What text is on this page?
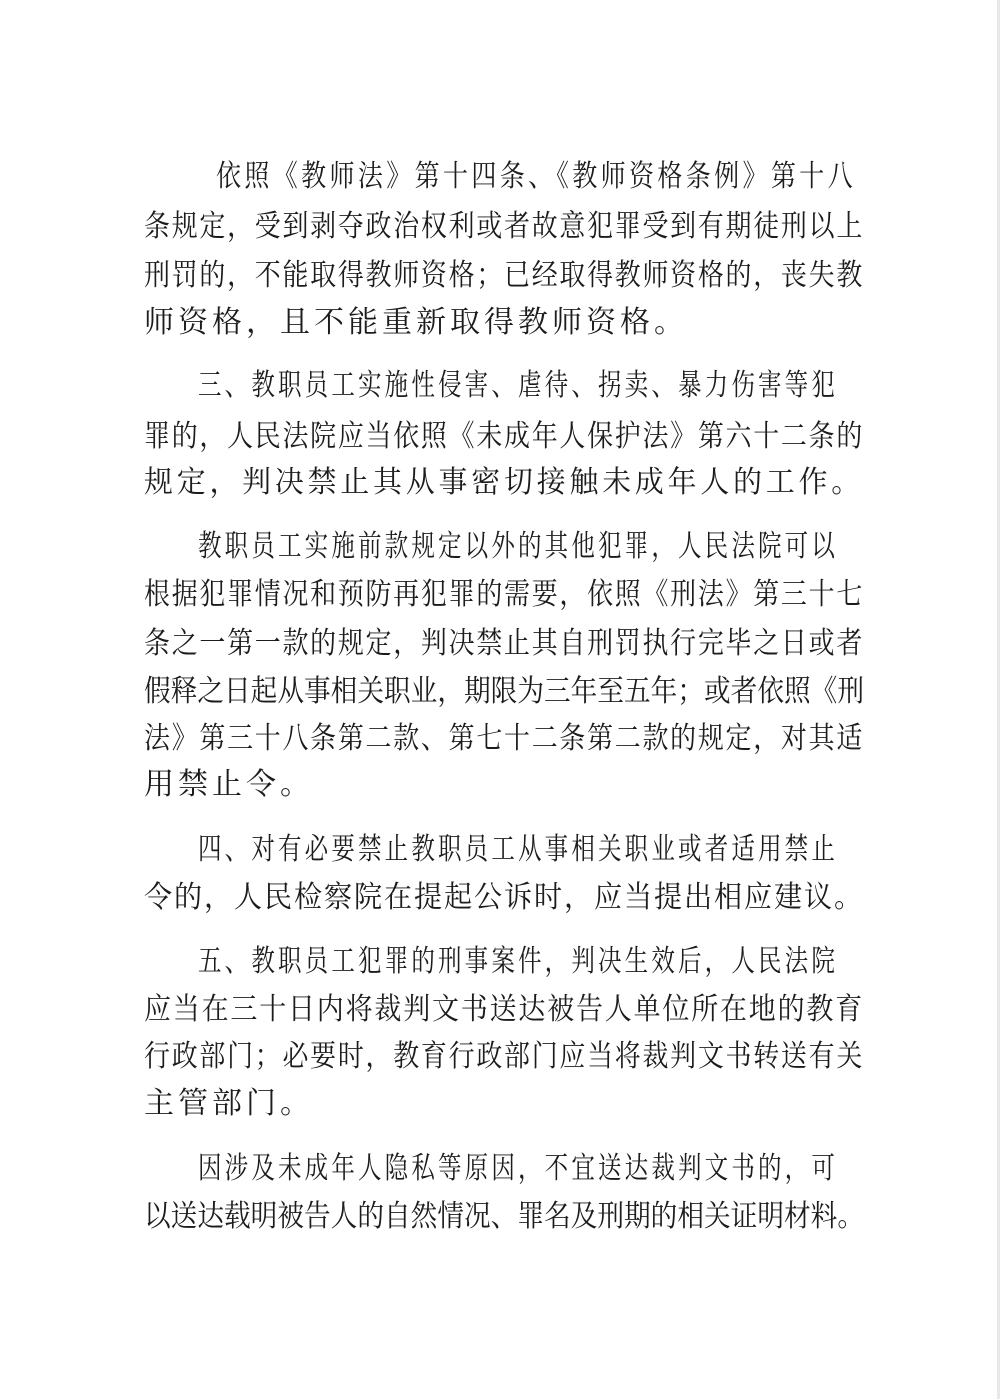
依照《教师法》第十四条、《教师资格条例》第十八
条规定，受到剥夺政治权利或者故意犯罪受到有期徒刑以上
刑罚的，不能取得教师资格；已经取得教师资格的，丧失教
师资格，且不能重新取得教师资格。
三、教职员工实施性侵害、虐待、拐卖、暴力伤害等犯
罪的，人民法院应当依照《未成年人保护法》第六十二条的
规定，判决禁止其从事密切接触未成年人的工作。
教职员工实施前款规定以外的其他犯罪，人民法院可以
根据犯罪情况和预防再犯罪的需要，依照《刑法》第三十七
条之一第一款的规定，判决禁止其自刑罚执行完毕之日或者
假释之日起从事相关职业，期限为三年至五年；或者依照《刑
法》第三十八条第二款、第七十二条第二款的规定，对其适
用禁止令。
四、对有必要禁止教职员工从事相关职业或者适用禁止
令的，人民检察院在提起公诉时，应当提出相应建议。
五、教职员工犯罪的刑事案件，判决生效后，人民法院
应当在三十日内将裁判文书送达被告人单位所在地的教育
行政部门；必要时，教育行政部门应当将裁判文书转送有关
主管部门。
因涉及未成年人隐私等原因，不宜送达裁判文书的，可
以送达载明被告人的自然情况、罪名及刑期的相关证明材料。
